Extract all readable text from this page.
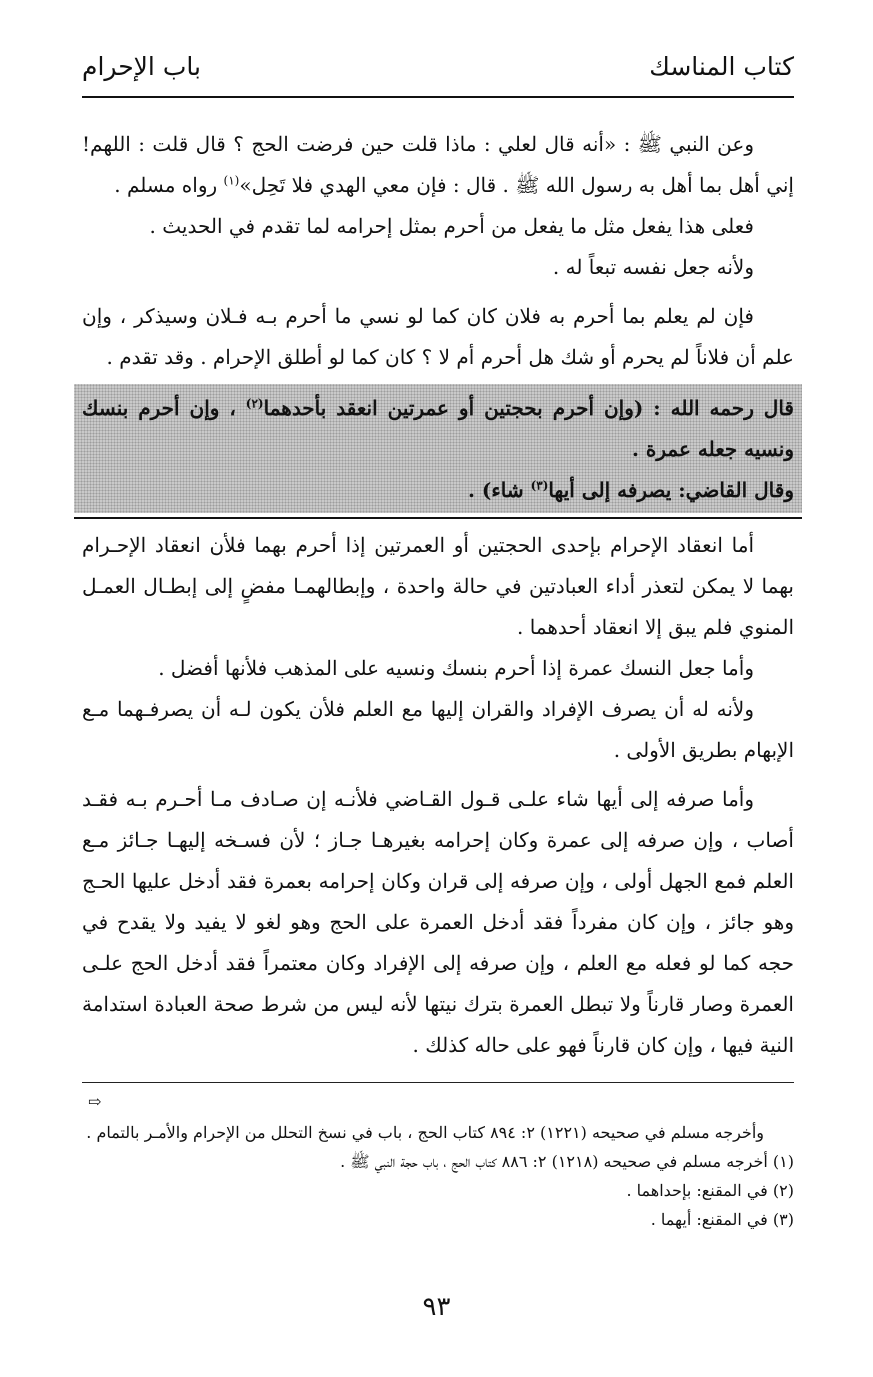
كتاب المناسك
باب الإحرام

وعن النبي ﷺ : «أنه قال لعلي : ماذا قلت حين فرضت الحج ؟ قال قلت : اللهم! إني أهل بما أهل به رسول الله ﷺ . قال : فإن معي الهدي فلا تَحِل»$^{(١)}$ رواه مسلم .

فعلى هذا يفعل مثل ما يفعل من أحرم بمثل إحرامه لما تقدم في الحديث .

ولأنه جعل نفسه تبعاً له .

فإن لم يعلم بما أحرم به فلان كان كما لو نسي ما أحرم بـه فـلان وسيذكر ، وإن علم أن فلاناً لم يحرم أو شك هل أحرم أم لا ؟ كان كما لو أطلق الإحرام . وقد تقدم .

قال رحمه الله : (وإن أحرم بحجتين أو عمرتين انعقد بأحدهما$^{(٢)}$ ، وإن أحرم بنسك ونسيه جعله عمرة .

وقال القاضي: يصرفه إلى أيها$^{(٣)}$ شاء) .

أما انعقاد الإحرام بإحدى الحجتين أو العمرتين إذا أحرم بهما فلأن انعقاد الإحـرام بهما لا يمكن لتعذر أداء العبادتين في حالة واحدة ، وإبطالهمـا مفضٍ إلى إبطـال العمـل المنوي فلم يبق إلا انعقاد أحدهما .

وأما جعل النسك عمرة إذا أحرم بنسك ونسيه على المذهب فلأنها أفضل .

ولأنه له أن يصرف الإفراد والقران إليها مع العلم فلأن يكون لـه أن يصرفـهما مـع الإبهام بطريق الأولى .

وأما صرفه إلى أيها شاء علـى قـول القـاضي فلأنـه إن صـادف مـا أحـرم بـه فقـد أصاب ، وإن صرفه إلى عمرة وكان إحرامه بغيرهـا جـاز ؛ لأن فسـخه إليهـا جـائز مـع العلم فمع الجهل أولى ، وإن صرفه إلى قران وكان إحرامه بعمرة فقد أدخل عليها الحـج وهو جائز ، وإن كان مفرداً فقد أدخل العمرة على الحج وهو لغو لا يفيد ولا يقدح في حجه كما لو فعله مع العلم ، وإن صرفه إلى الإفراد وكان معتمراً فقد أدخل الحج علـى العمرة وصار قارناً ولا تبطل العمرة بترك نيتها لأنه ليس من شرط صحة العبادة استدامة النية فيها ، وإن كان قارناً فهو على حاله كذلك .

⇨

وأخرجه مسلم في صحيحه (١٢٢١) ٢: ٨٩٤ كتاب الحج ، باب في نسخ التحلل من الإحرام والأمـر بالتمام .

(١) أخرجه مسلم في صحيحه (١٢١٨) ٢: ٨٨٦ كتاب الحج ، باب حجة النبي ﷺ .

(٢) في المقنع: بإحداهما .

(٣) في المقنع: أيهما .

٩٣
